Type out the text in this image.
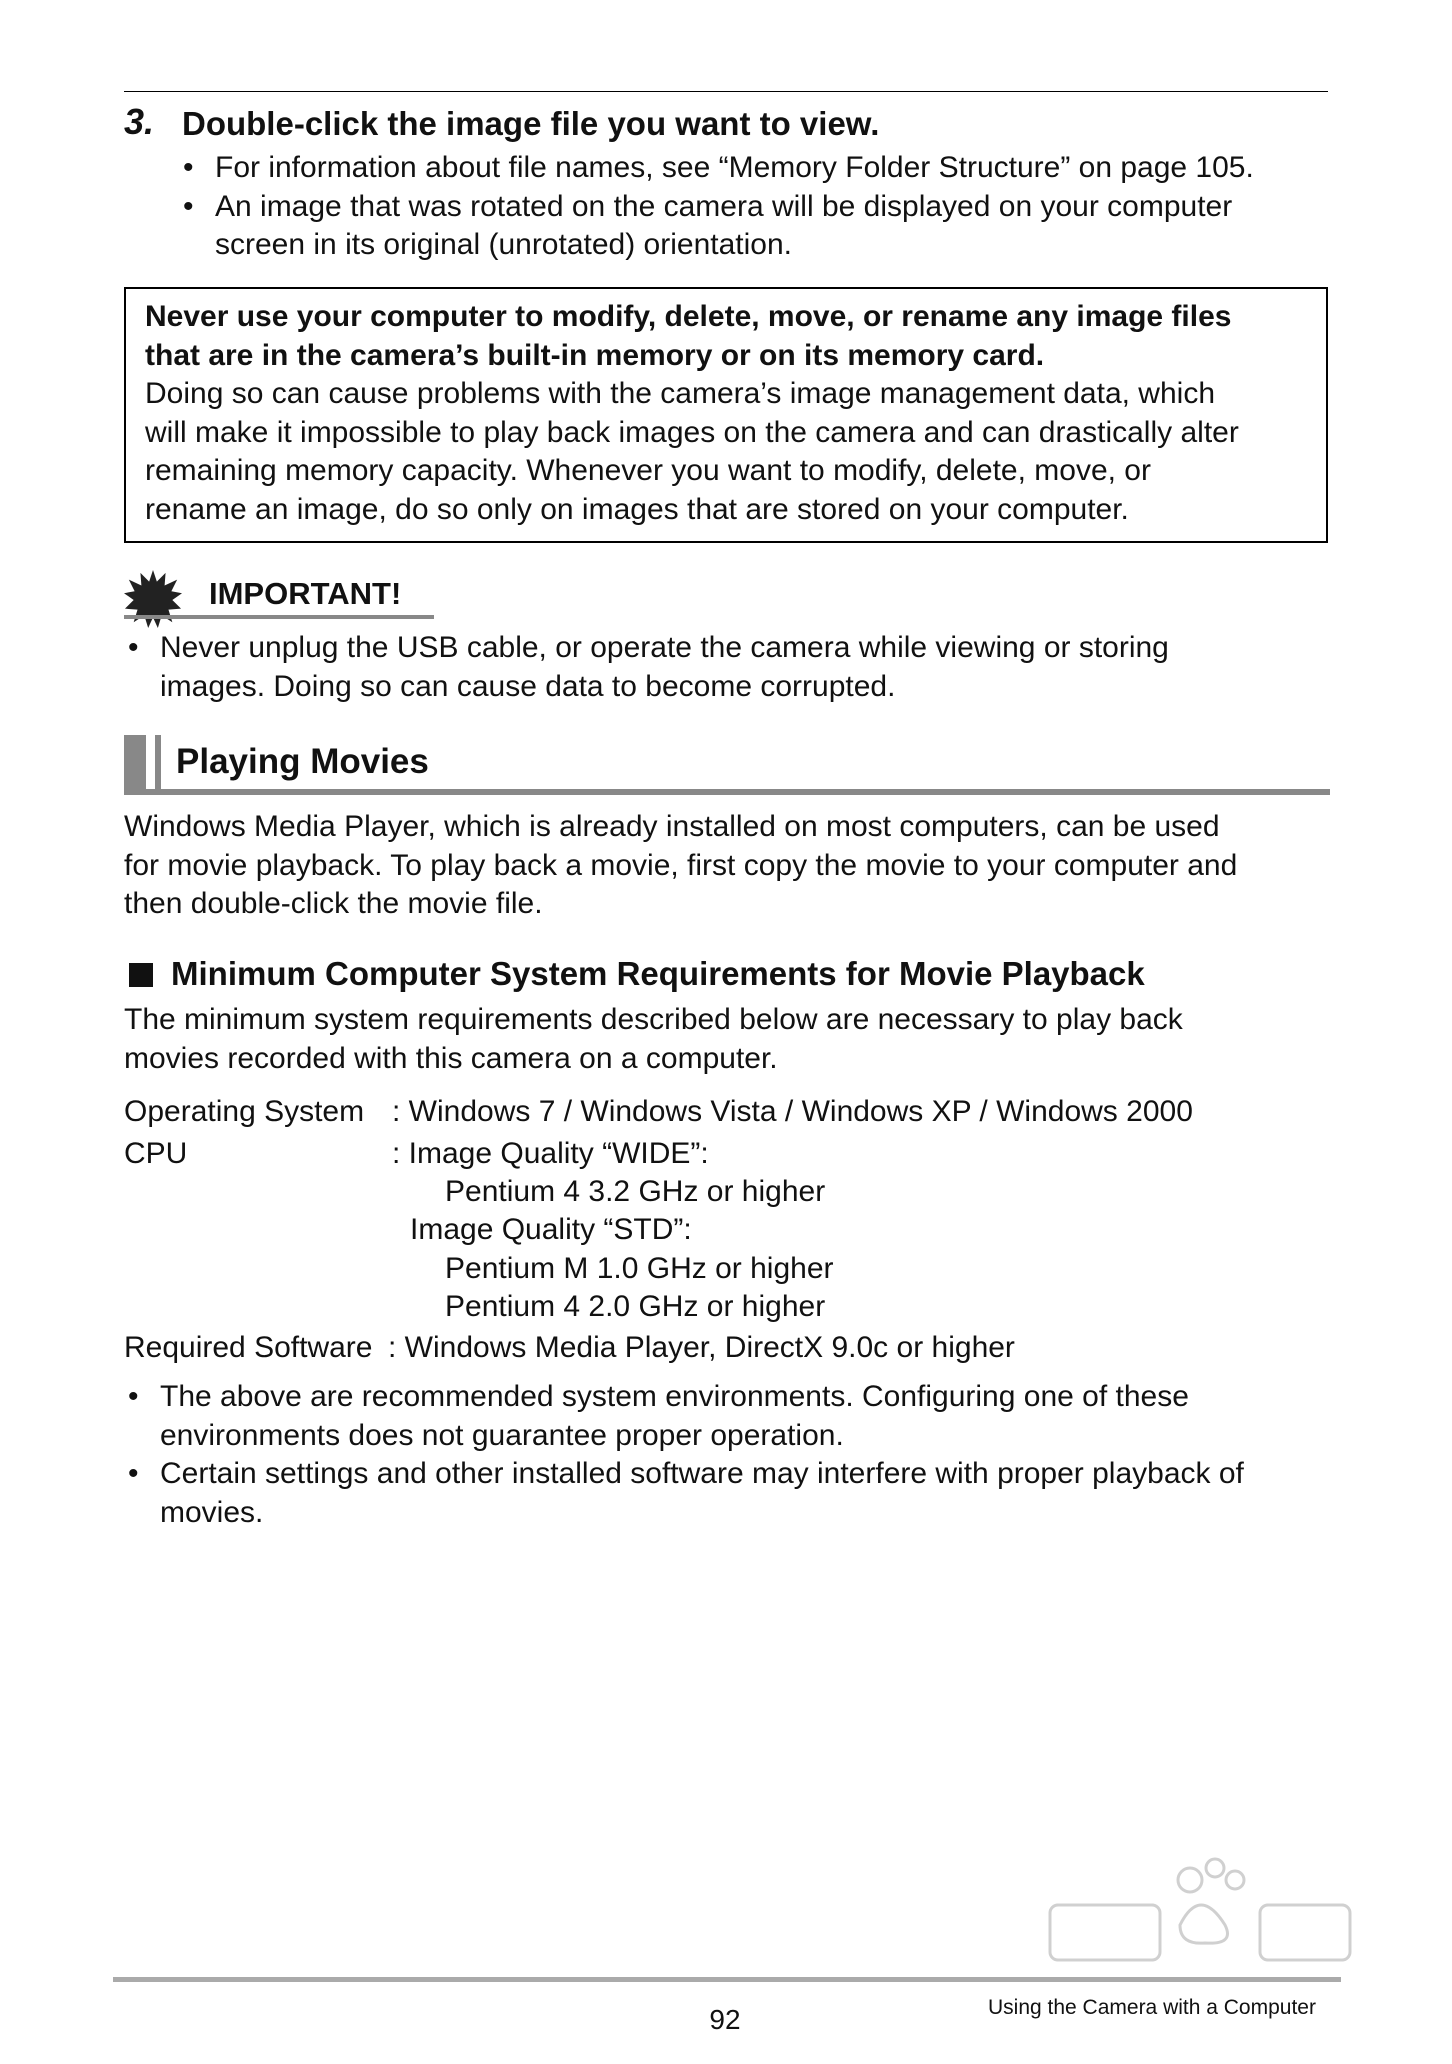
3. Double-click the image file you want to view.
• For information about file names, see “Memory Folder Structure” on page 105.
• An image that was rotated on the camera will be displayed on your computer
screen in its original (unrotated) orientation.
Never use your computer to modify, delete, move, or rename any image files
that are in the camera’s built-in memory or on its memory card.
Doing so can cause problems with the camera’s image management data, which
will make it impossible to play back images on the camera and can drastically alter
remaining memory capacity. Whenever you want to modify, delete, move, or
rename an image, do so only on images that are stored on your computer.
IMPORTANT!
• Never unplug the USB cable, or operate the camera while viewing or storing
images. Doing so can cause data to become corrupted.
Playing Movies
Windows Media Player, which is already installed on most computers, can be used
for movie playback. To play back a movie, first copy the movie to your computer and
then double-click the movie file.
Minimum Computer System Requirements for Movie Playback
The minimum system requirements described below are necessary to play back
movies recorded with this camera on a computer.
Operating System : Windows 7 / Windows Vista / Windows XP / Windows 2000
CPU	: Image Quality “WIDE”:
Pentium 4 3.2 GHz or higher
Image Quality “STD”:
Pentium M 1.0 GHz or higher
Pentium 4 2.0 GHz or higher
Required Software : Windows Media Player, DirectX 9.0c or higher
• The above are recommended system environments. Configuring one of these
environments does not guarantee proper operation.
• Certain settings and other installed software may interfere with proper playback of
movies.
92	Using the Camera with a Computer
